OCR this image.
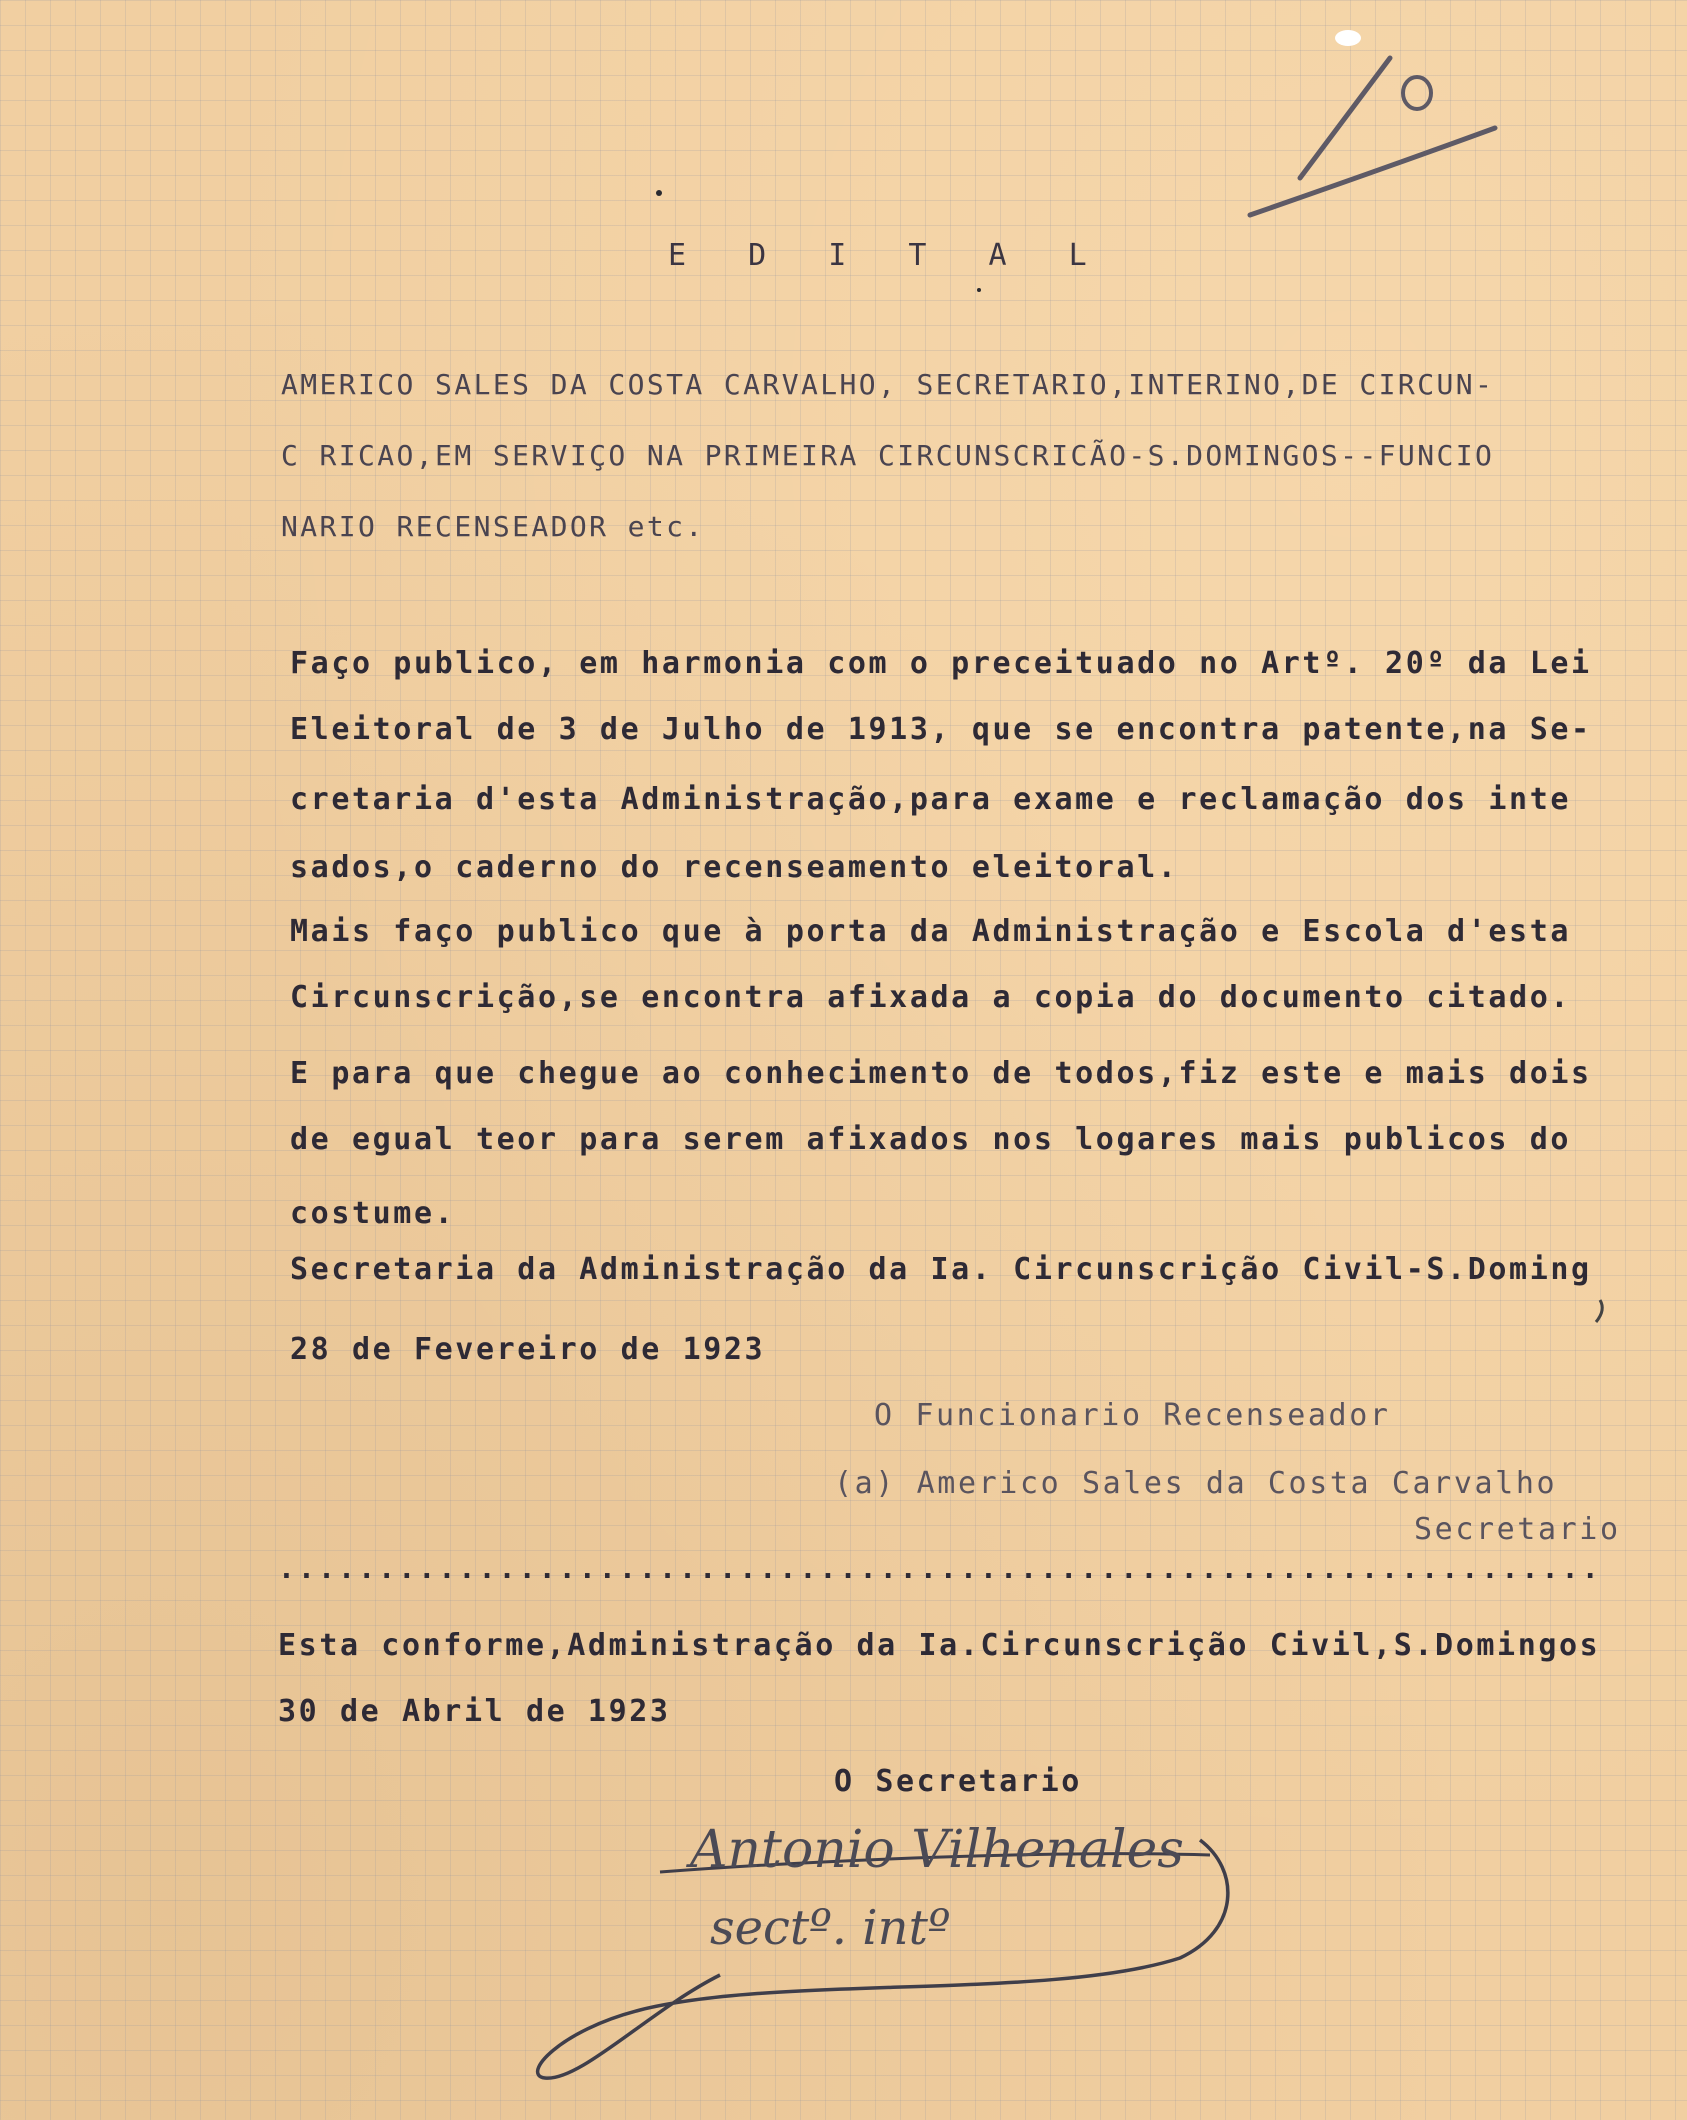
E D I T A L
AMERICO SALES DA COSTA CARVALHO, SECRETARIO,INTERINO,DE CIRCUN-
C RICAO,EM SERVIÇO NA PRIMEIRA CIRCUNSCRICÃO-S.DOMINGOS--FUNCIO
NARIO RECENSEADOR etc.
Faço publico, em harmonia com o preceituado no Artº. 20º da Lei
Eleitoral de 3 de Julho de 1913, que se encontra patente,na Se-
cretaria d'esta Administração,para exame e reclamação dos inte
sados,o caderno do recenseamento eleitoral.
Mais faço publico que à porta da Administração e Escola d'esta
Circunscrição,se encontra afixada a copia do documento citado.
E para que chegue ao conhecimento de todos,fiz este e mais dois
de egual teor para serem afixados nos logares mais publicos do
costume.
Secretaria da Administração da Ia. Circunscrição Civil-S.Doming
28 de Fevereiro de 1923
O Funcionario Recenseador
(a) Americo Sales da Costa Carvalho
Secretario
..................................................................
Esta conforme,Administração da Ia.Circunscrição Civil,S.Domingos
30 de Abril de 1923
O Secretario
Antonio Vilhenales
sectº. intº
